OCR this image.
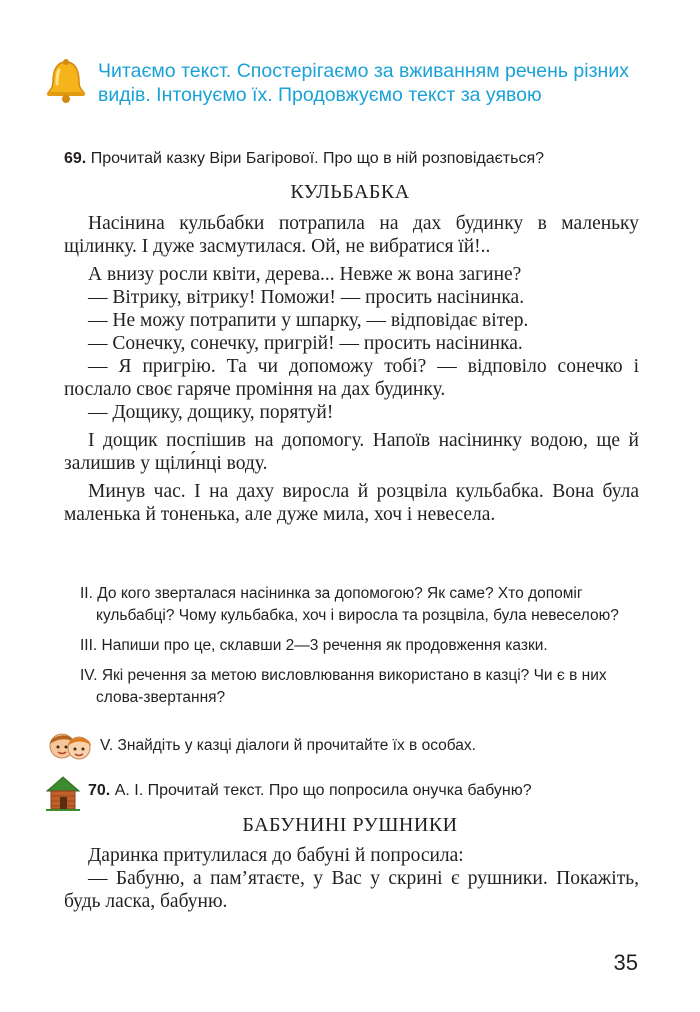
Читаємо текст. Спостерігаємо за вживанням речень різних видів. Інтонуємо їх. Продовжуємо текст за уявою
69. Прочитай казку Віри Багірової. Про що в ній розповідається?
КУЛЬБАБКА

Насінина кульбабки потрапила на дах будинку в маленьку щілинку. І дуже засмутилася. Ой, не вибратися їй!..

А внизу росли квіти, дерева... Невже ж вона загине?

— Вітрику, вітрику! Поможи! — просить насінинка.

— Не можу потрапити у шпарку, — відповідає вітер.

— Сонечку, сонечку, пригрій! — просить насінинка.

— Я пригрію. Та чи допоможу тобі? — відповіло сонечко і послало своє гаряче проміння на дах будинку.

— Дощику, дощику, порятуй!

І дощик поспішив на допомогу. Напоїв насінинку водою, ще й залишив у щіли́нці воду.

Минув час. І на даху виросла й розцвіла кульбабка. Вона була маленька й тоненька, але дуже мила, хоч і невесела.

ІІ. До кого зверталася насінинка за допомогою? Як саме? Хто допоміг кульбабці? Чому кульбабка, хоч і виросла та розцвіла, була невеселою?

ІІІ. Напиши про це, склавши 2—3 речення як продовження казки.

ІV. Які речення за метою висловлювання використано в казці? Чи є в них слова-звертання?

V. Знайдіть у казці діалоги й прочитайте їх в особах.
70. А. І. Прочитай текст. Про що попросила онучка бабуню?
БАБУНИНІ РУШНИКИ

Даринка притулилася до бабуні й попросила:

— Бабуню, а пам’ятаєте, у Вас у скрині є рушники. Покажіть, будь ласка, бабуню.

35
